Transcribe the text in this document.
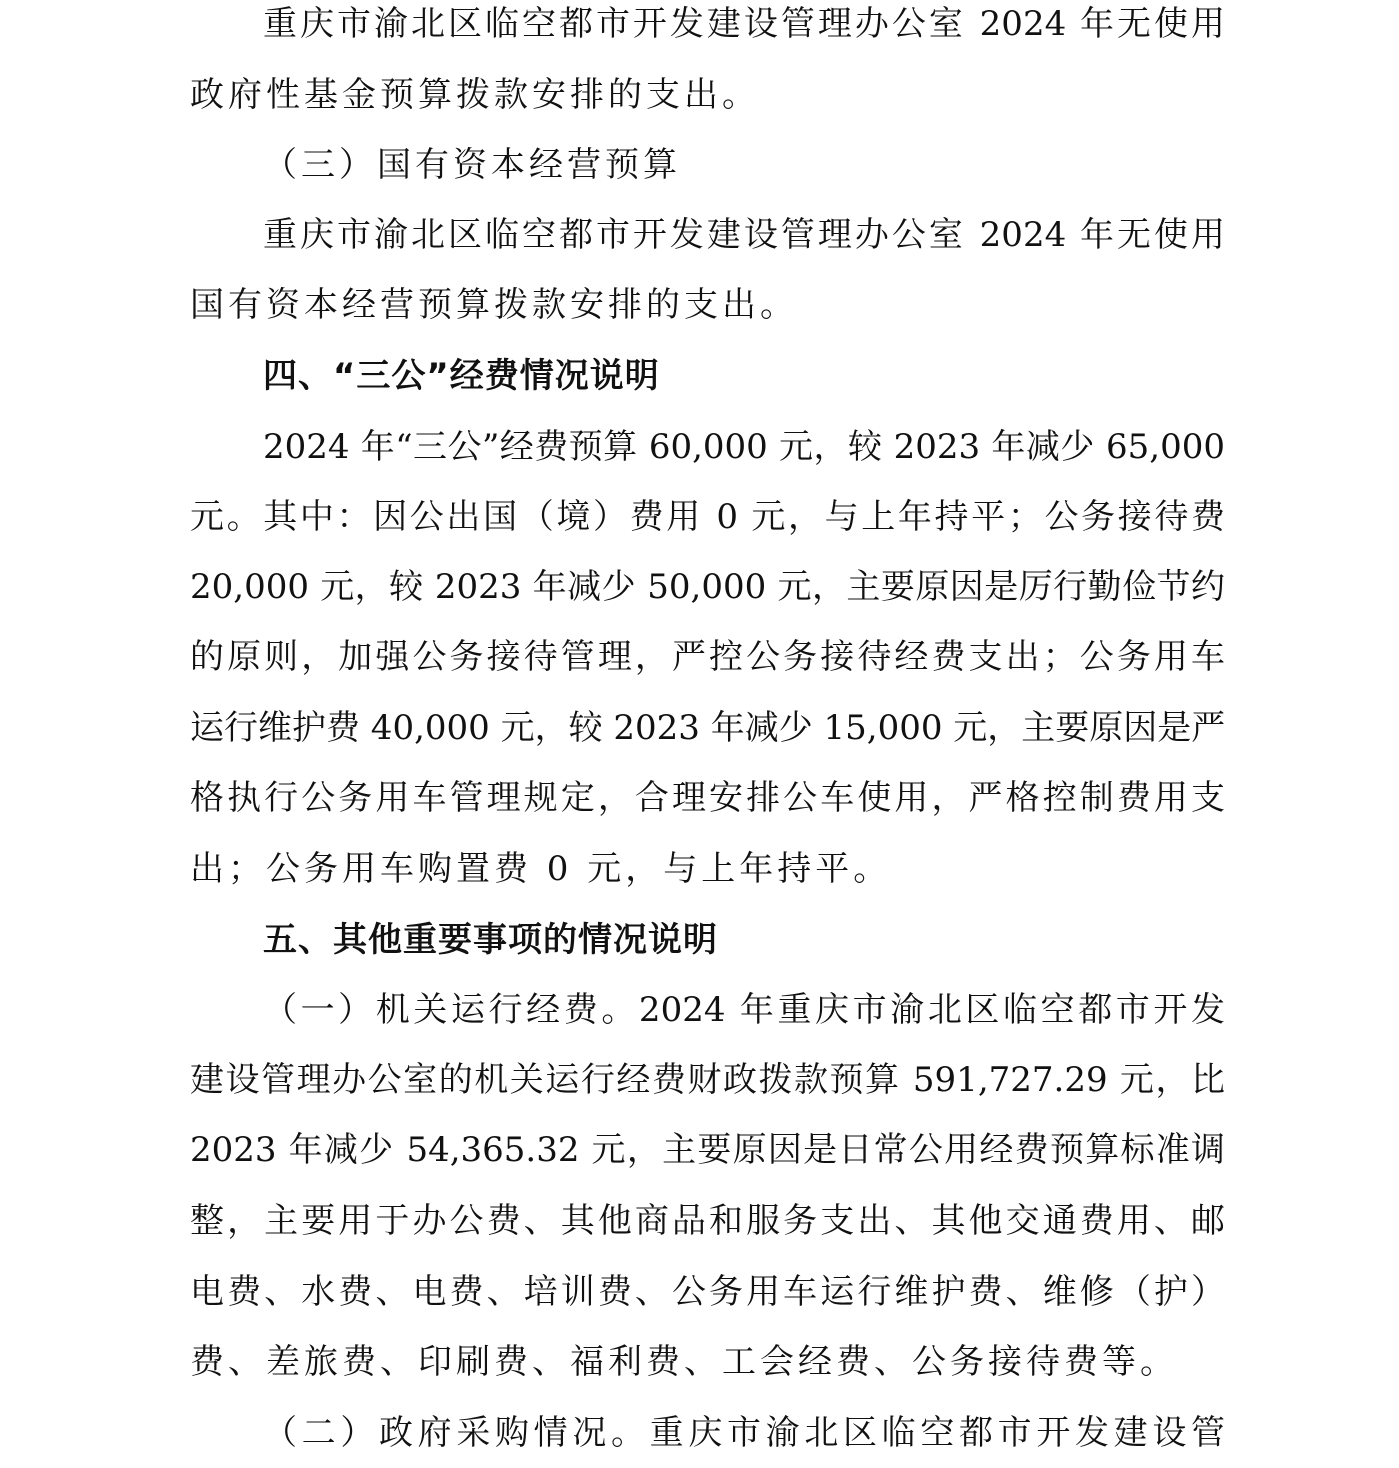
重庆市渝北区临空都市开发建设管理办公室 2024 年无使用
政府性基金预算拨款安排的支出。
（三）国有资本经营预算
重庆市渝北区临空都市开发建设管理办公室 2024 年无使用
国有资本经营预算拨款安排的支出。
四、“三公”经费情况说明
2024 年“三公”经费预算 60,000 元，较 2023 年减少 65,000
元。其中：因公出国（境）费用 0 元，与上年持平；公务接待费
20,000 元，较 2023 年减少 50,000 元，主要原因是厉行勤俭节约
的原则，加强公务接待管理，严控公务接待经费支出；公务用车
运行维护费 40,000 元，较 2023 年减少 15,000 元，主要原因是严
格执行公务用车管理规定，合理安排公车使用，严格控制费用支
出；公务用车购置费 0 元，与上年持平。
五、其他重要事项的情况说明
（一）机关运行经费。2024 年重庆市渝北区临空都市开发
建设管理办公室的机关运行经费财政拨款预算 591,727.29 元，比
2023 年减少 54,365.32 元，主要原因是日常公用经费预算标准调
整，主要用于办公费、其他商品和服务支出、其他交通费用、邮
电费、水费、电费、培训费、公务用车运行维护费、维修（护）
费、差旅费、印刷费、福利费、工会经费、公务接待费等。
（二）政府采购情况。重庆市渝北区临空都市开发建设管
